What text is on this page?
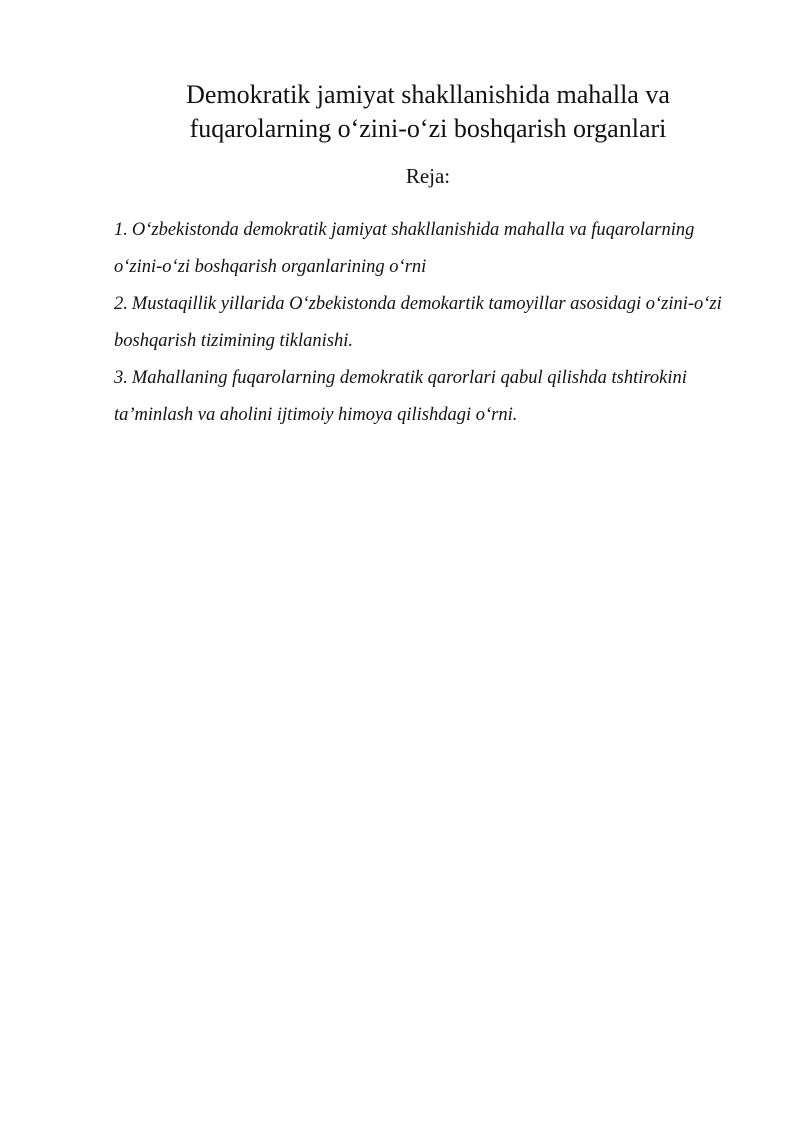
Demokratik jamiyat shakllanishida mahalla va
fuqarolarning o‘zini-o‘zi boshqarish organlari
Reja:
1. O‘zbekistonda demokratik jamiyat shakllanishida mahalla va fuqarolarning o‘zini-o‘zi boshqarish organlarining o‘rni
2. Mustaqillik yillarida O‘zbekistonda demokartik tamoyillar asosidagi o‘zini-o‘zi boshqarish tizimining tiklanishi.
3. Mahallaning fuqarolarning demokratik qarorlari qabul qilishda tshtirokini ta’minlash va aholini ijtimoiy himoya qilishdagi o‘rni.
